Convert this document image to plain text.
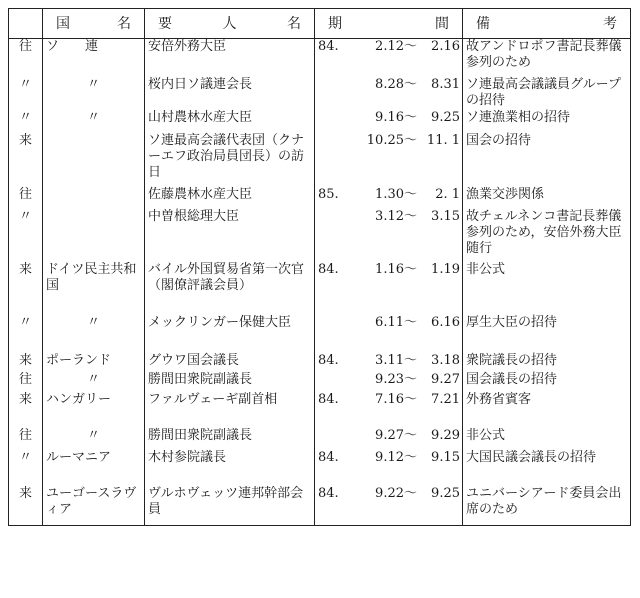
	国 名	要 人 名	期 間	備 考

往	ソ　　連	安倍外務大臣	84. 2.12〜 2.16	故アンドロポフ書記長葬儀参列のため
〃	〃	桜内日ソ議連会長	8.28〜 8.31	ソ連最高会議議員グループの招待
〃	〃	山村農林水産大臣	9.16〜 9.25	ソ連漁業相の招待
来		ソ連最高会議代表団（クナーエフ政治局員団長）の訪日	10.25〜 11. 1	国会の招待
往		佐藤農林水産大臣	85. 1.30〜 2. 1	漁業交渉関係
〃		中曽根総理大臣	3.12〜 3.15	故チェルネンコ書記長葬儀参列のため，安倍外務大臣随行
来	ドイツ民主共和国	バイル外国貿易省第一次官（閣僚評議会員）	84. 1.16〜 1.19	非公式
〃	〃	メックリンガー保健大臣	6.11〜 6.16	厚生大臣の招待
来	ポーランド	グウワ国会議長	84. 3.11〜 3.18	衆院議長の招待
往	〃	勝間田衆院副議長	9.23〜 9.27	国会議長の招待
来	ハンガリー	ファルヴェーギ副首相	84. 7.16〜 7.21	外務省賓客
往	〃	勝間田衆院副議長	9.27〜 9.29	非公式
〃	ルーマニア	木村参院議長	84. 9.12〜 9.15	大国民議会議長の招待
来	ユーゴースラヴィア	ヴルホヴェッツ連邦幹部会員	84. 9.22〜 9.25	ユニバーシアード委員会出席のため
